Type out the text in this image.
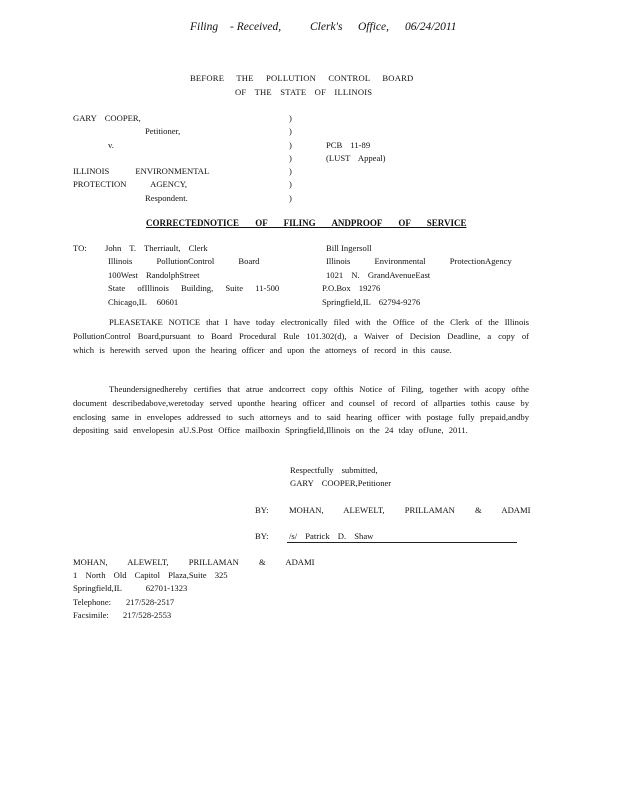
Filing - Received,	Clerk's Office, 06/24/2011
BEFORE THE POLLUTION CONTROL BOARD
OF THE STATE OF ILLINOIS
GARY COOPER,
Petitioner,
v.
ILLINOIS ENVIRONMENTAL
PROTECTION AGENCY,
Respondent.
)
)
)
)
)
)
)
PCB 11-89
(LUST Appeal)
CORRECTEDNOTICE OF FILING ANDPROOF OF SERVICE
TO: John T. Therriault, Clerk
Illinois PollutionControl Board
100West RandolphStreet
State ofIllinois Building, Suite 11-500
Chicago,IL 60601
Bill Ingersoll
Illinois Environmental ProtectionAgency
1021 N. GrandAvenueEast
P.O.Box 19276
Springfield,IL 62794-9276

PLEASETAKE NOTICE that I have today electronically filed with the Office of the Clerk of the Illinois PollutionControl Board,pursuant to Board Procedural Rule 101.302(d), a Waiver of Decision Deadline, a copy of which is herewith served upon the hearing officer and upon the attorneys of record in this cause.

Theundersignedhereby certifies that atrue andcorrect copy ofthis Notice of Filing, together with acopy ofthe document describedabove,weretoday served uponthe hearing officer and counsel of record of allparties tothis cause by enclosing same in envelopes addressed to such attorneys and to said hearing officer with postage fully prepaid,andby depositing said envelopesin aU.S.Post Office mailboxin Springfield,Illinois on the 24 tday ofJune, 2011.

Respectfully submitted,
GARY COOPER,Petitioner
BY: MOHAN, ALEWELT, PRILLAMAN & ADAMI
BY: /s/ Patrick D. Shaw
MOHAN, ALEWELT, PRILLAMAN & ADAMI
1 North Old Capitol Plaza,Suite 325
Springfield,IL 62701-1323
Telephone: 217/528-2517
Facsimile: 217/528-2553
